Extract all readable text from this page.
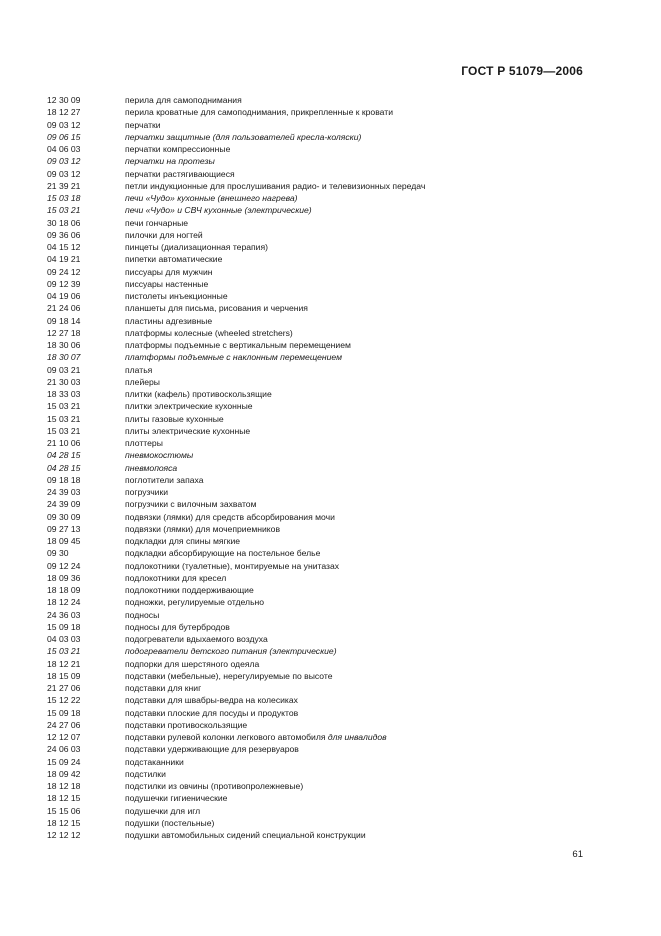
ГОСТ Р 51079—2006
12 30 09	перила для самоподнимания
18 12 27	перила кроватные для самоподнимания, прикрепленные к кровати
09 03 12	перчатки
09 06 15	перчатки защитные (для пользователей кресла-коляски)
04 06 03	перчатки компрессионные
09 03 12	перчатки на протезы
09 03 12	перчатки растягивающиеся
21 39 21	петли индукционные для прослушивания радио- и телевизионных передач
15 03 18	печи «Чудо» кухонные (внешнего нагрева)
15 03 21	печи «Чудо» и СВЧ кухонные (электрические)
30 18 06	печи гончарные
09 36 06	пилочки для ногтей
04 15 12	пинцеты (диализационная терапия)
04 19 21	пипетки автоматические
09 24 12	писсуары для мужчин
09 12 39	писсуары настенные
04 19 06	пистолеты инъекционные
21 24 06	планшеты для письма, рисования и черчения
09 18 14	пластины адгезивные
12 27 18	платформы колесные (wheeled stretchers)
18 30 06	платформы подъемные с вертикальным перемещением
18 30 07	платформы подъемные с наклонным перемещением
09 03 21	платья
21 30 03	плейеры
18 33 03	плитки (кафель) противоскользящие
15 03 21	плитки электрические кухонные
15 03 21	плиты газовые кухонные
15 03 21	плиты электрические кухонные
21 10 06	плоттеры
04 28 15	пневмокостюмы
04 28 15	пневмопояса
09 18 18	поглотители запаха
24 39 03	погрузчики
24 39 09	погрузчики с вилочным захватом
09 30 09	подвязки (лямки) для средств абсорбирования мочи
09 27 13	подвязки (лямки) для мочеприемников
18 09 45	подкладки для спины мягкие
09 30	подкладки абсорбирующие на постельное белье
09 12 24	подлокотники (туалетные), монтируемые на унитазах
18 09 36	подлокотники для кресел
18 18 09	подлокотники поддерживающие
18 12 24	подножки, регулируемые отдельно
24 36 03	подносы
15 09 18	подносы для бутербродов
04 03 03	подогреватели вдыхаемого воздуха
15 03 21	подогреватели детского питания (электрические)
18 12 21	подпорки для шерстяного одеяла
18 15 09	подставки (мебельные), нерегулируемые по высоте
21 27 06	подставки для книг
15 12 22	подставки для швабры-ведра на колесиках
15 09 18	подставки плоские для посуды и продуктов
24 27 06	подставки противоскользящие
12 12 07	подставки рулевой колонки легкового автомобиля для инвалидов
24 06 03	подставки удерживающие для резервуаров
15 09 24	подстаканники
18 09 42	подстилки
18 12 18	подстилки из овчины (противопролежневые)
18 12 15	подушечки гигиенические
15 15 06	подушечки для игл
18 12 15	подушки (постельные)
12 12 12	подушки автомобильных сидений специальной конструкции
61
